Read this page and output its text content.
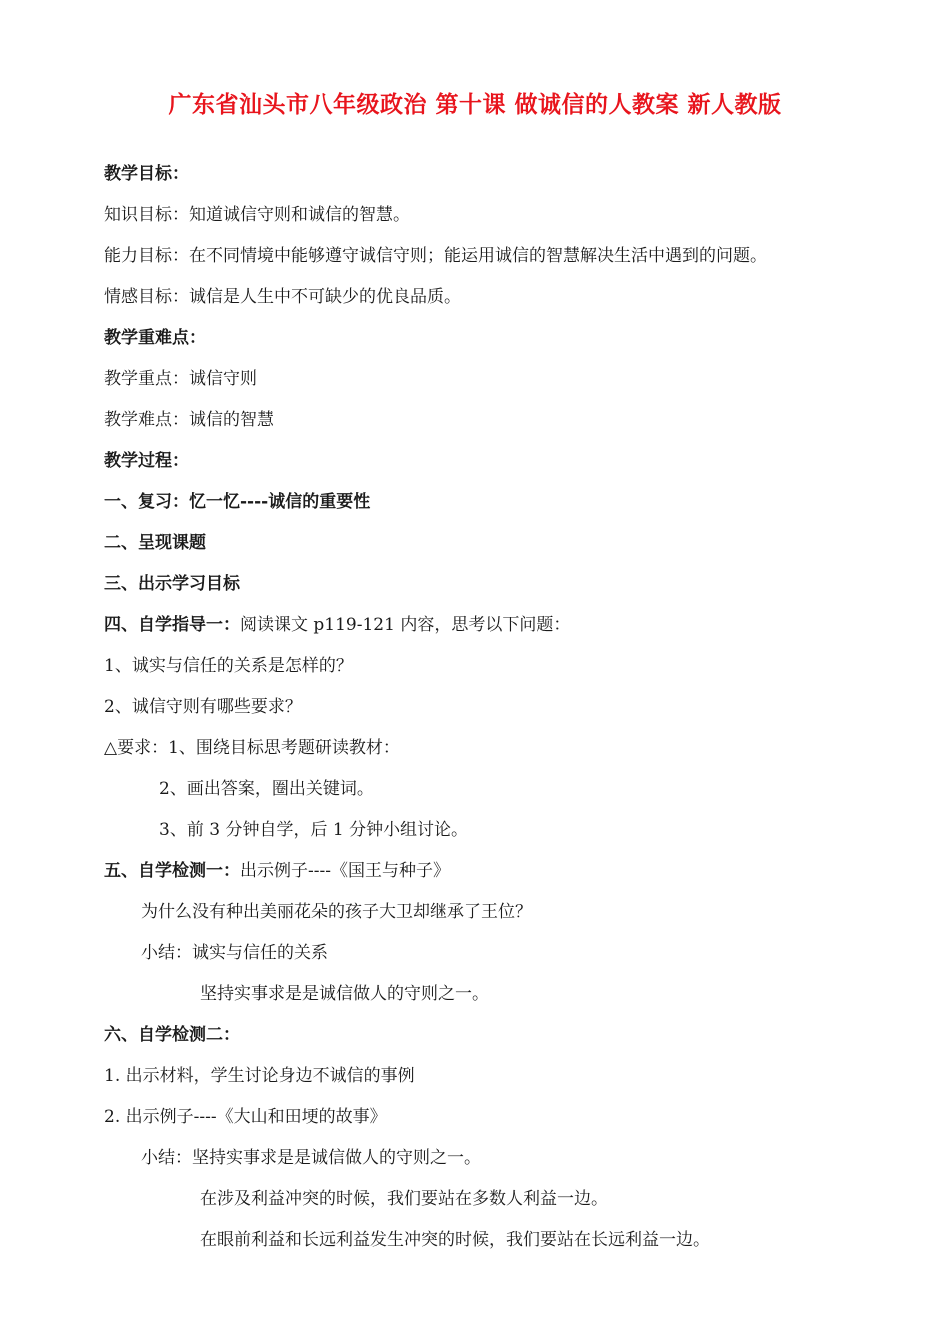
广东省汕头市八年级政治 第十课 做诚信的人教案 新人教版
教学目标：
知识目标：知道诚信守则和诚信的智慧。
能力目标：在不同情境中能够遵守诚信守则；能运用诚信的智慧解决生活中遇到的问题。
情感目标：诚信是人生中不可缺少的优良品质。
教学重难点：
教学重点：诚信守则
教学难点：诚信的智慧
教学过程：
一、复习：忆一忆----诚信的重要性
二、呈现课题
三、出示学习目标
四、自学指导一：阅读课文 p119-121 内容，思考以下问题：
1、诚实与信任的关系是怎样的？
2、诚信守则有哪些要求？
△要求：1、围绕目标思考题研读教材：
2、画出答案，圈出关键词。
3、前 3 分钟自学，后 1 分钟小组讨论。
五、自学检测一：出示例子----《国王与种子》
为什么没有种出美丽花朵的孩子大卫却继承了王位？
小结：诚实与信任的关系
坚持实事求是是诚信做人的守则之一。
六、自学检测二：
1. 出示材料，学生讨论身边不诚信的事例
2. 出示例子----《大山和田埂的故事》
小结：坚持实事求是是诚信做人的守则之一。
在涉及利益冲突的时候，我们要站在多数人利益一边。
在眼前利益和长远利益发生冲突的时候，我们要站在长远利益一边。
